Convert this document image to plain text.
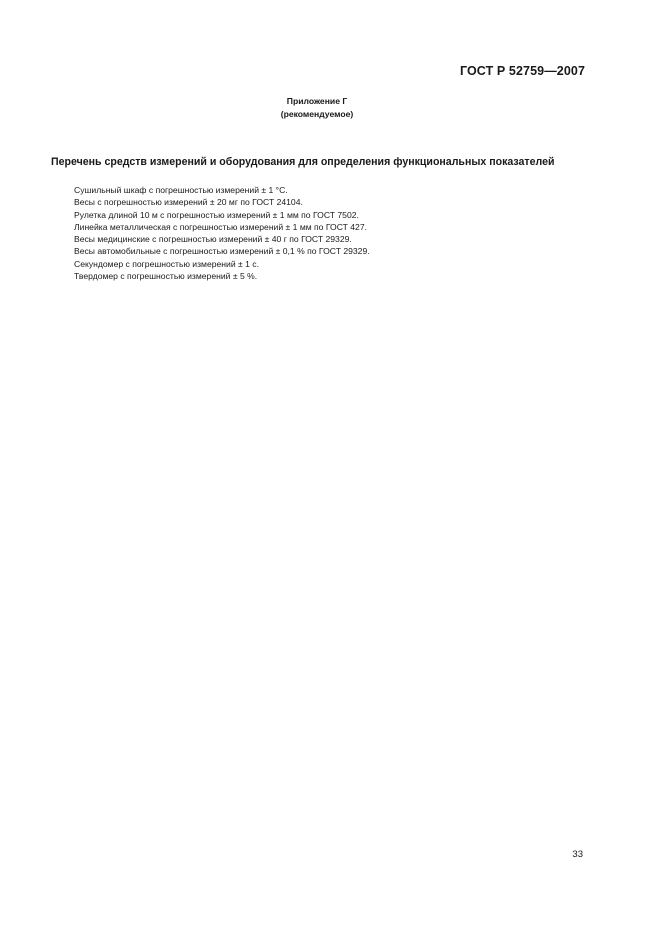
ГОСТ Р 52759—2007
Приложение Г
(рекомендуемое)
Перечень средств измерений и оборудования для определения функциональных показателей
Сушильный шкаф с погрешностью измерений ± 1 °С.
Весы с погрешностью измерений ± 20 мг по ГОСТ 24104.
Рулетка длиной 10 м с погрешностью измерений ± 1 мм по ГОСТ 7502.
Линейка металлическая с погрешностью измерений ± 1 мм по ГОСТ 427.
Весы медицинские с погрешностью измерений ± 40 г по ГОСТ 29329.
Весы автомобильные с погрешностью измерений ± 0,1 % по ГОСТ 29329.
Секундомер с погрешностью измерений ± 1 с.
Твердомер с погрешностью измерений ± 5 %.
33
